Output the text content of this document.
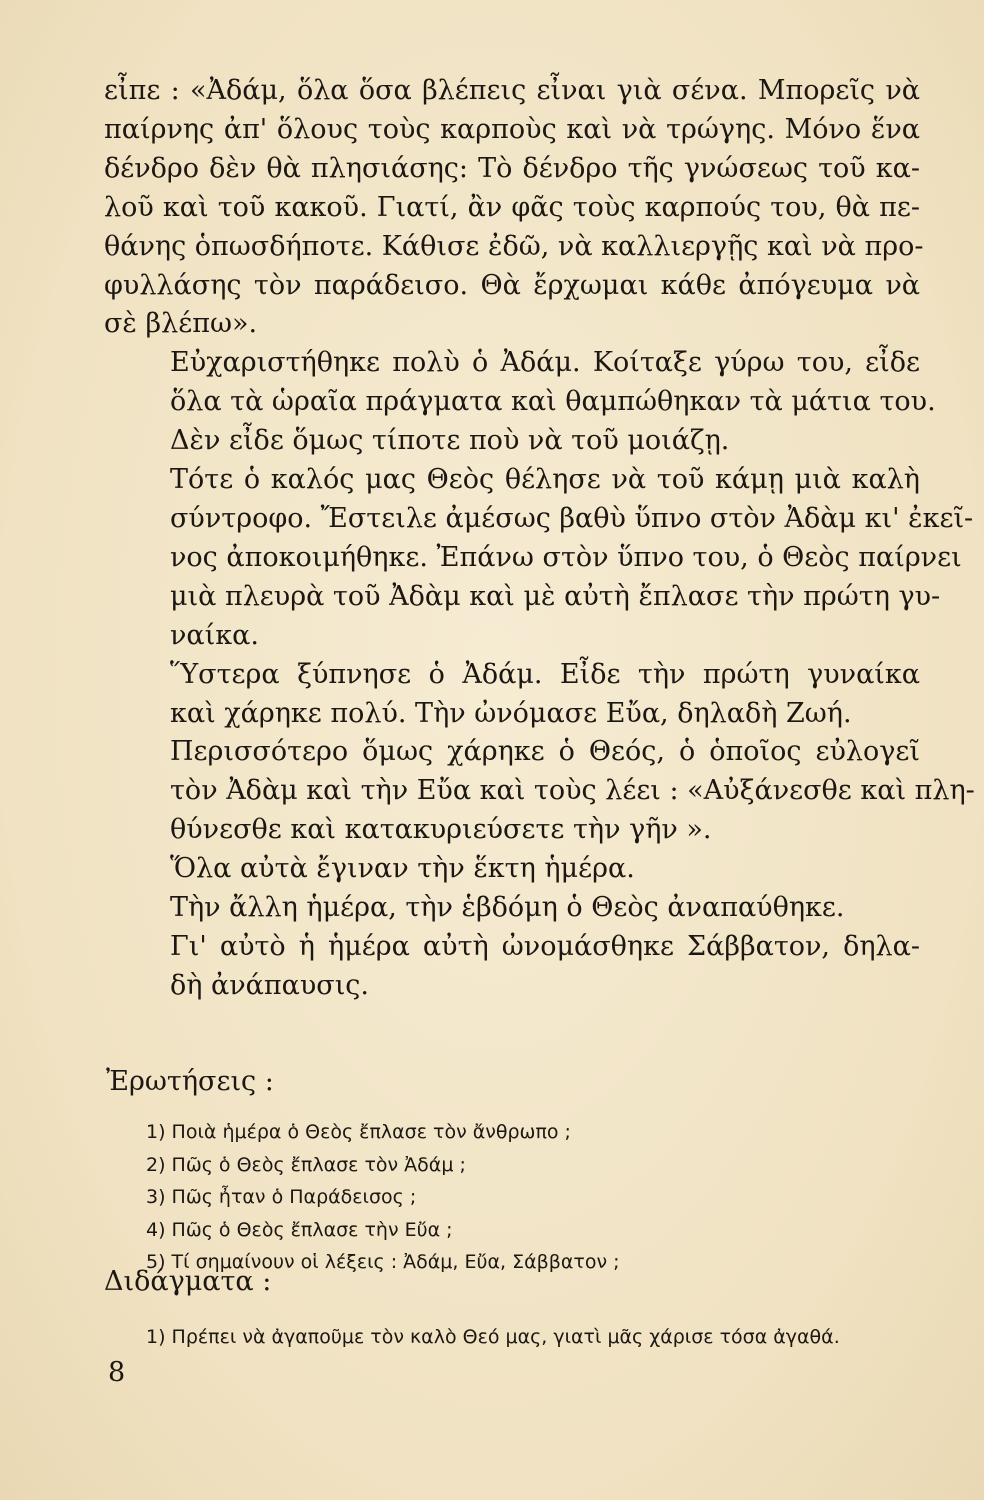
εἶπε : «Ἀδάμ, ὅλα ὅσα βλέπεις εἶναι γιὰ σένα. Μπορεῖς νὰ
παίρνης ἀπ' ὅλους τοὺς καρποὺς καὶ νὰ τρώγης. Μόνο ἕνα
δένδρο δὲν θὰ πλησιάσης: Τὸ δένδρο τῆς γνώσεως τοῦ κα-
λοῦ καὶ τοῦ κακοῦ. Γιατί, ἂν φᾶς τοὺς καρπούς του, θὰ πε-
θάνης ὁπωσδήποτε. Κάθισε ἐδῶ, νὰ καλλιεργῇς καὶ νὰ προ-
φυλλάσης τὸν παράδεισο. Θὰ ἔρχωμαι κάθε ἀπόγευμα νὰ
σὲ βλέπω».

Εὐχαριστήθηκε πολὺ ὁ Ἀδάμ. Κοίταξε γύρω του, εἶδε
ὅλα τὰ ὡραῖα πράγματα καὶ θαμπώθηκαν τὰ μάτια του.
Δὲν εἶδε ὅμως τίποτε ποὺ νὰ τοῦ μοιάζῃ.

Τότε ὁ καλός μας Θεὸς θέλησε νὰ τοῦ κάμῃ μιὰ καλὴ
σύντροφο. Ἔστειλε ἀμέσως βαθὺ ὕπνο στὸν Ἀδὰμ κι' ἐκεῖ-
νος ἀποκοιμήθηκε. Ἐπάνω στὸν ὕπνο του, ὁ Θεὸς παίρνει
μιὰ πλευρὰ τοῦ Ἀδὰμ καὶ μὲ αὐτὴ ἔπλασε τὴν πρώτη γυ-
ναίκα.

Ὕστερα ξύπνησε ὁ Ἀδάμ. Εἶδε τὴν πρώτη γυναίκα
καὶ χάρηκε πολύ. Τὴν ὠνόμασε Εὔα, δηλαδὴ Ζωή.

Περισσότερο ὅμως χάρηκε ὁ Θεός, ὁ ὁποῖος εὐλογεῖ
τὸν Ἀδὰμ καὶ τὴν Εὔα καὶ τοὺς λέει : «Αὐξάνεσθε καὶ πλη-
θύνεσθε καὶ κατακυριεύσετε τὴν γῆν ».

Ὅλα αὐτὰ ἔγιναν τὴν ἕκτη ἡμέρα.

Τὴν ἄλλη ἡμέρα, τὴν ἑβδόμη ὁ Θεὸς ἀναπαύθηκε.

Γι' αὐτὸ ἡ ἡμέρα αὐτὴ ὠνομάσθηκε Σάββατον, δηλα-
δὴ ἀνάπαυσις.

Ἐρωτήσεις :
1) Ποιὰ ἡμέρα ὁ Θεὸς ἔπλασε τὸν ἄνθρωπο ;
2) Πῶς ὁ Θεὸς ἔπλασε τὸν Ἀδάμ ;
3) Πῶς ἦταν ὁ Παράδεισος ;
4) Πῶς ὁ Θεὸς ἔπλασε τὴν Εὔα ;
5) Τί σημαίνουν οἱ λέξεις : Ἀδάμ, Εὔα, Σάββατον ;
Διδάγματα :
1) Πρέπει νὰ ἀγαποῦμε τὸν καλὸ Θεό μας, γιατὶ μᾶς χάρισε τόσα ἀγαθά.
8
